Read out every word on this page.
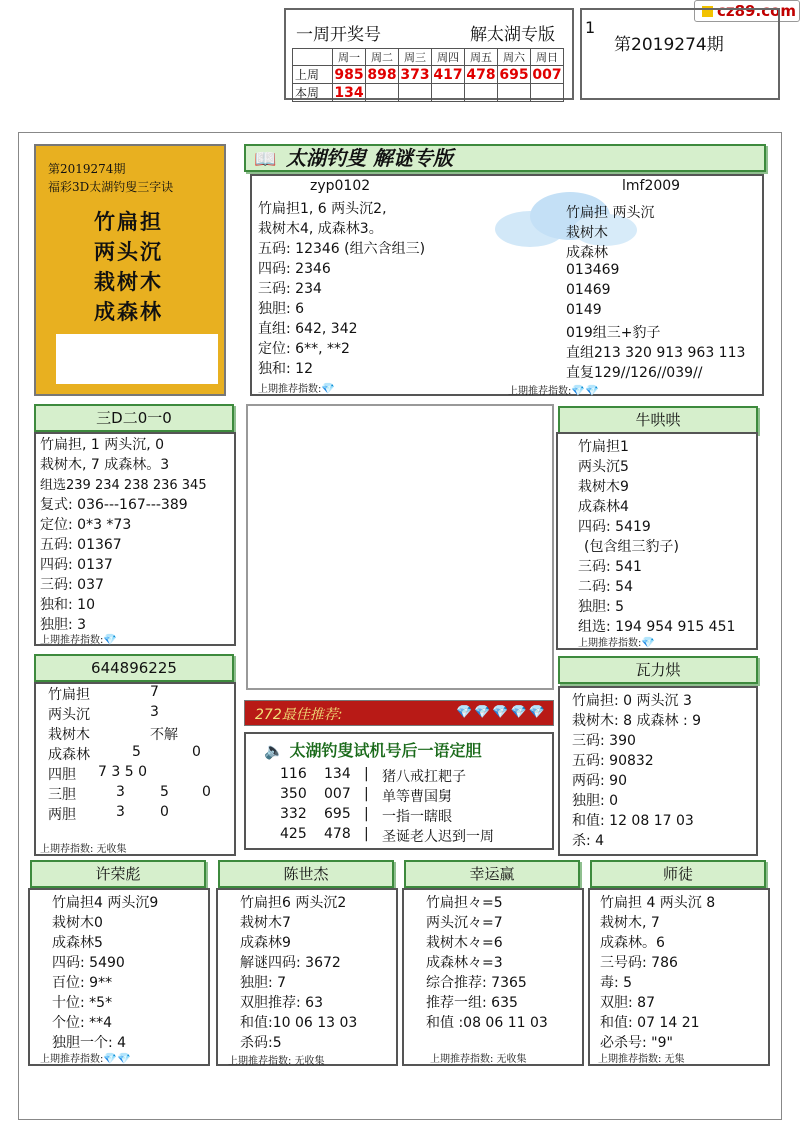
cz89.com
一周开奖号	解太湖专版
	周一	周二	周三	周四	周五	周六	周日
上周	985	898	373	417	478	695	007
本周	134						
1
第2019274期
第2019274期
福彩3D太湖钓叟三字诀
竹扁担
两头沉
栽树木
成森林
📖 太湖钓叟 解谜专版
zyp0102
竹扁担1, 6 两头沉2,
栽树木4, 成森林3。
五码: 12346 (组六含组三)
四码: 2346
三码: 234
独胆: 6
直组: 642, 342
定位: 6**, **2
独和: 12
上期推荐指数:💎
lmf2009
竹扁担 两头沉
栽树木
成森林
013469
01469
0149
019组三+豹子
直组213 320 913 963 113
直复129//126//039//
上期推荐指数:💎💎
三D二0一0
竹扁担, 1 两头沉, 0
栽树木, 7 成森林。3
组选239 234 238 236 345
复式: 036---167---389
定位: 0*3 *73
五码: 01367
四码: 0137
三码: 037
独和: 10
独胆: 3
上期推荐指数:💎
牛哄哄
竹扁担1
两头沉5
栽树木9
成森林4
四码: 5419
(包含组三豹子)
三码: 541
二码: 54
独胆: 5
组选: 194 954 915 451
上期推荐指数:💎
644896225
竹扁担	7
两头沉	3
栽树木	不解
成森林	5	0
四胆 7 3 5 0
三胆	3	5 0
两胆	3	0
上期荐指数: 无收集
瓦力烘
竹扁担: 0 两头沉 3
栽树木: 8 成森林 : 9
三码: 390
五码: 90832
两码: 90
独胆: 0
和值: 12 08 17 03
杀: 4
272最佳推荐:	💎💎💎💎💎
🔈 太湖钓叟试机号后一语定胆
116 134 | 猪八戒扛耙子
350 007 | 单等曹国舅
332 695 | 一指一瞎眼
425 478 | 圣诞老人迟到一周
许荣彪
竹扁担4 两头沉9
栽树木0
成森林5
四码: 5490
百位: 9**
十位: *5*
个位: **4
独胆一个: 4
上期推荐指数:💎💎
陈世杰
竹扁担6 两头沉2
栽树木7
成森林9
解谜四码: 3672
独胆: 7
双胆推荐: 63
和值:10 06 13 03
杀码:5
上期推荐指数: 无收集
幸运赢
竹扁担々=5
两头沉々=7
栽树木々=6
成森林々=3
综合推荐: 7365
推荐一组: 635
和值 :08 06 11 03
上期推荐指数: 无收集
师徒
竹扁担 4 两头沉 8
栽树木, 7
成森林。6
三号码: 786
毒: 5
双胆: 87
和值: 07 14 21
必杀号: "9"
上期推荐指数: 无集
